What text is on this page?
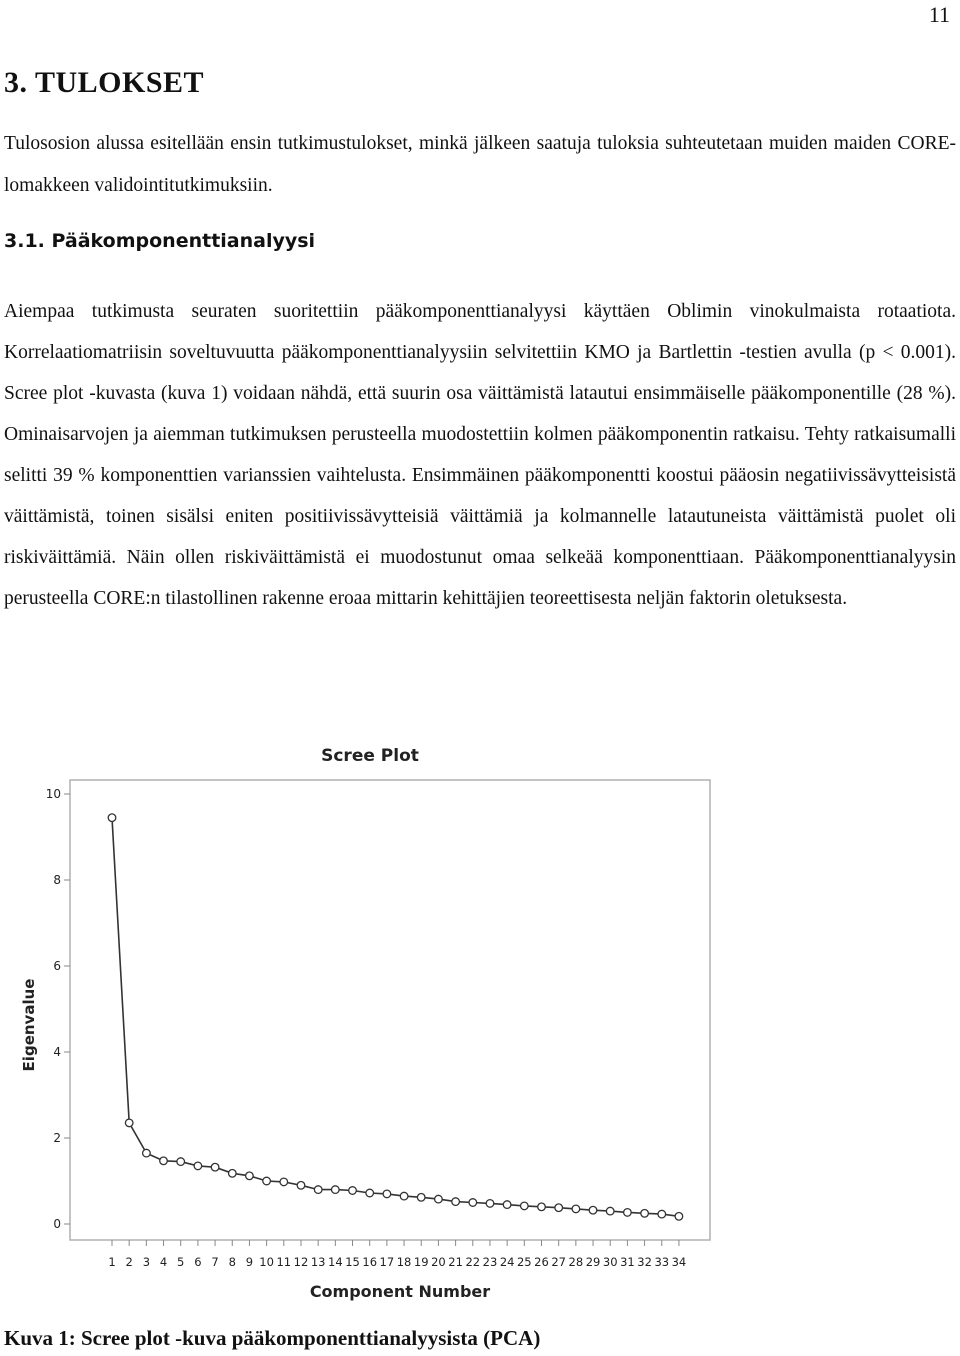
11
3. TULOKSET

Tulososion alussa esitellään ensin tutkimustulokset, minkä jälkeen saatuja tuloksia suhteutetaan muiden maiden CORE-lomakkeen validointitutkimuksiin.

3.1. Pääkomponenttianalyysi

Aiempaa tutkimusta seuraten suoritettiin pääkomponenttianalyysi käyttäen Oblimin vinokulmaista rotaatiota. Korrelaatiomatriisin soveltuvuutta pääkomponenttianalyysiin selvitettiin KMO ja Bartlettin -testien avulla (p < 0.001). Scree plot -kuvasta (kuva 1) voidaan nähdä, että suurin osa väittämistä latautui ensimmäiselle pääkomponentille (28 %). Ominaisarvojen ja aiemman tutkimuksen perusteella muodostettiin kolmen pääkomponentin ratkaisu. Tehty ratkaisumalli selitti 39 % komponenttien varianssien vaihtelusta. Ensimmäinen pääkomponentti koostui pääosin negatiivissävytteisistä väittämistä, toinen sisälsi eniten positiivissävytteisiä väittämiä ja kolmannelle latautuneista väittämistä puolet oli riskiväittämiä. Näin ollen riskiväittämistä ei muodostunut omaa selkeää komponenttiaan. Pääkomponenttianalyysin perusteella CORE:n tilastollinen rakenne eroaa mittarin kehittäjien teoreettisesta neljän faktorin oletuksesta.

Scree Plot
Eigenvalue
Component Number
0
2
4
6
8
10
1 2 3 4 5 6 7 8 9 10 11 12 13 14 15 16 17 18 19 20 21 22 23 24 25 26 27 28 29 30 31 32 33 34

Kuva 1: Scree plot -kuva pääkomponenttianalyysista (PCA)
